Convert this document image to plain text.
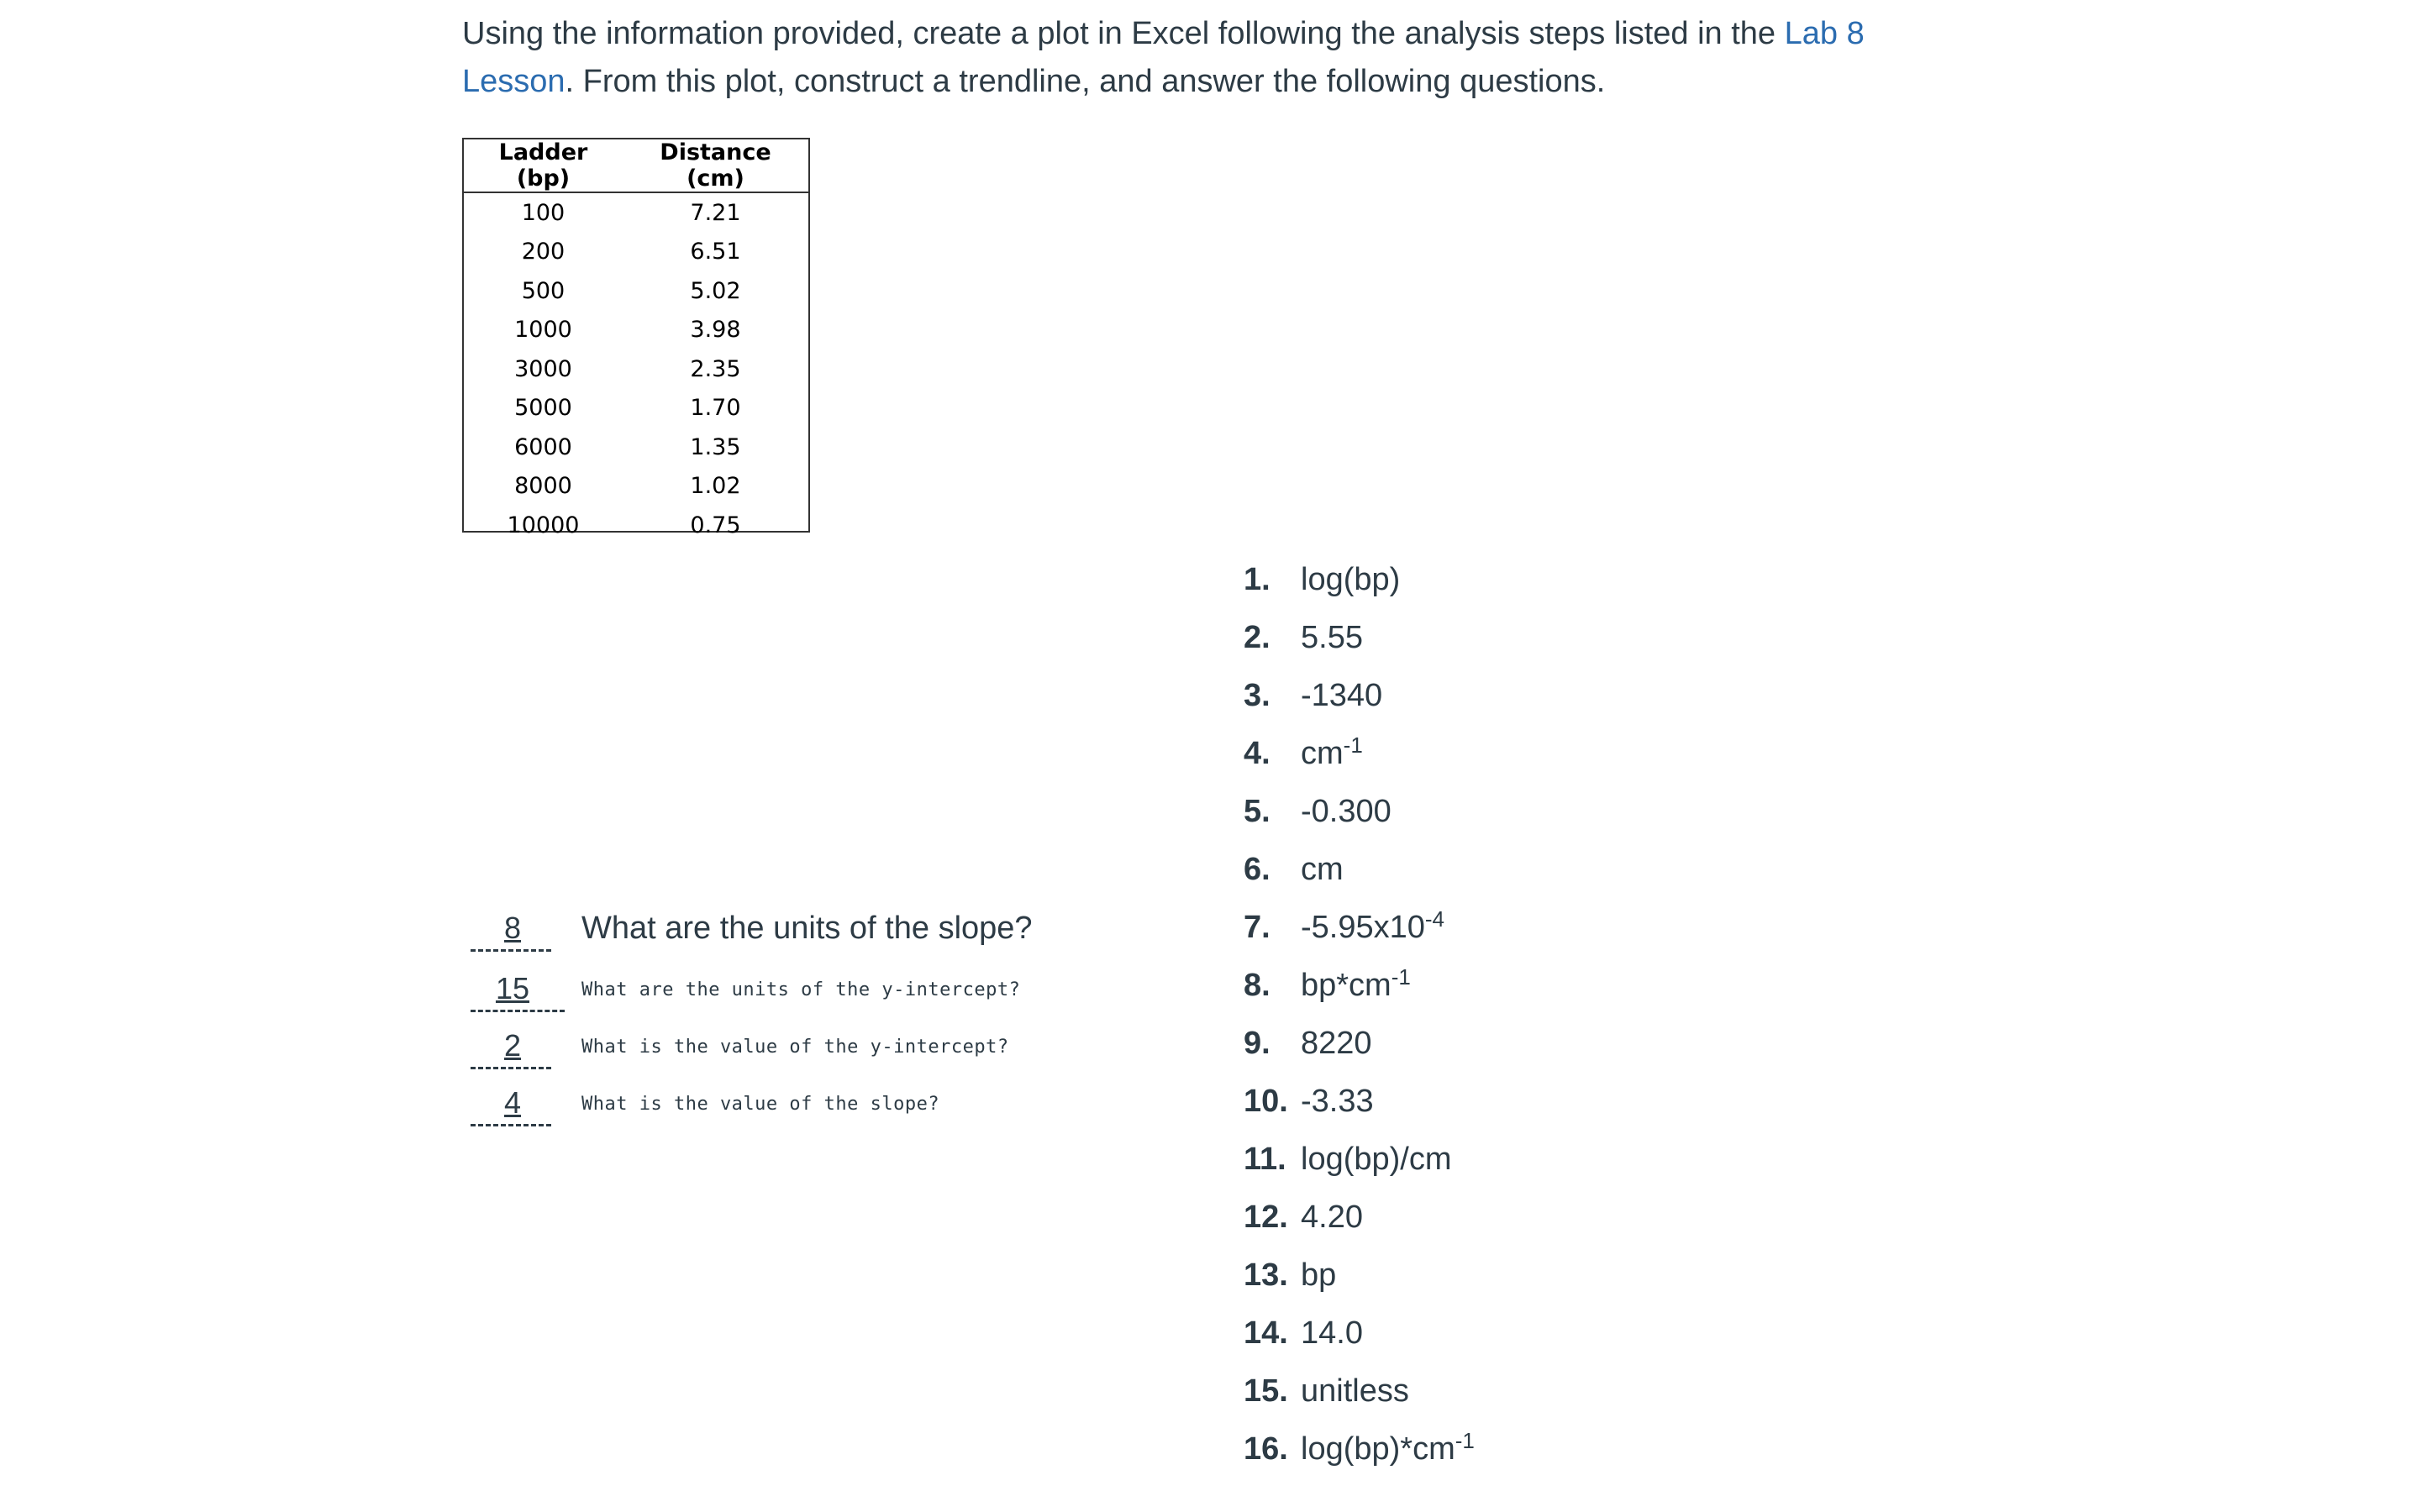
Using the information provided, create a plot in Excel following the analysis steps listed in the Lab 8 Lesson. From this plot, construct a trendline, and answer the following questions.
Ladder (bp)	Distance (cm)
100	7.21
200	6.51
500	5.02
1000	3.98
3000	2.35
5000	1.70
6000	1.35
8000	1.02
10000	0.75
8	What are the units of the slope?
15	What are the units of the y-intercept?
2	What is the value of the y-intercept?
4	What is the value of the slope?
1. log(bp)
2. 5.55
3. -1340
4. $cm^{-1}$
5. -0.300
6. cm
7. $-5.95x10^{-4}$
8. $bp*cm^{-1}$
9. 8220
10. -3.33
11. log(bp)/cm
12. 4.20
13. bp
14. 14.0
15. unitless
16. $\log(bp)*cm^{-1}$
